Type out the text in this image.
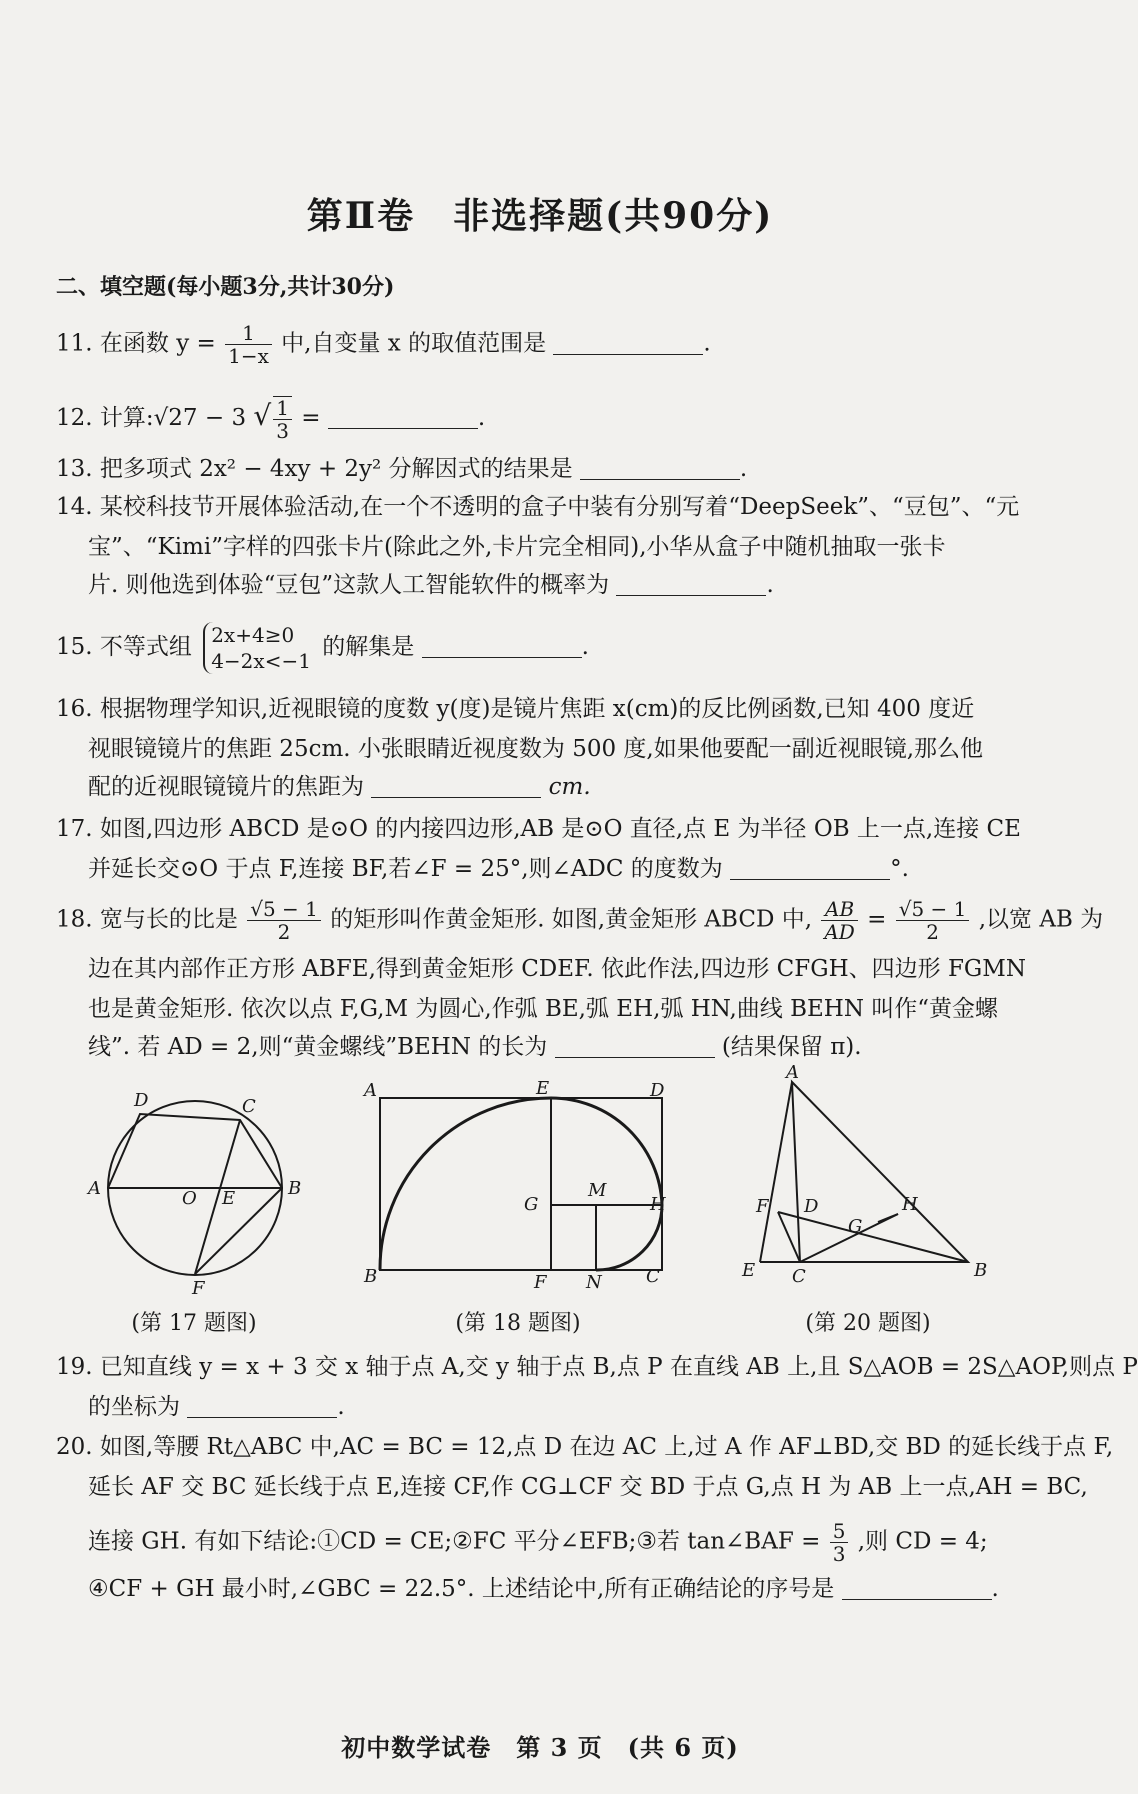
第Ⅱ卷　非选择题(共90分)
二、填空题(每小题3分,共计30分)
11. 在函数 $y = \frac{1}{1-x}$ 中,自变量 x 的取值范围是	.
12. 计算:√27 − 3 √ $\frac{1}{3}$ =	.
13. 把多项式 2x² − 4xy + 2y² 分解因式的结果是	.
14. 某校科技节开展体验活动,在一个不透明的盒子中装有分别写着“DeepSeek”、“豆包”、“元
宝”、“Kimi”字样的四张卡片(除此之外,卡片完全相同),小华从盒子中随机抽取一张卡
片. 则他选到体验“豆包”这款人工智能软件的概率为	.
15. 不等式组 2x+4≥0
4−2x<−1
的解集是	.
16. 根据物理学知识,近视眼镜的度数 y(度)是镜片焦距 x(cm)的反比例函数,已知 400 度近
视眼镜镜片的焦距 25cm. 小张眼睛近视度数为 500 度,如果他要配一副近视眼镜,那么他
配的近视眼镜镜片的焦距为	cm.
17. 如图,四边形 ABCD 是⊙O 的内接四边形,AB 是⊙O 直径,点 E 为半径 OB 上一点,连接 CE
并延长交⊙O 于点 F,连接 BF,若∠F = 25°,则∠ADC 的度数为	°.
18. 宽与长的比是 $\frac{√5 - 1}{2}$ 的矩形叫作黄金矩形. 如图,黄金矩形 ABCD 中, $\frac{AB}{AD} = \frac{√5 - 1}{2}$ ,以宽 AB 为
边在其内部作正方形 ABFE,得到黄金矩形 CDEF. 依此作法,四边形 CFGH、四边形 FGMN
也是黄金矩形. 依次以点 F,G,M 为圆心,作弧 BE,弧 EH,弧 HN,曲线 BEHN 叫作“黄金螺
线”. 若 AD = 2,则“黄金螺线”BEHN 的长为	(结果保留 π).
A	B
C
D
O E
F
(第 17 题图)
A
B	C
D
E
F
G	H
M
N
(第 18 题图)
A
B
C
D
E
F
G
H
(第 20 题图)
19. 已知直线 y = x + 3 交 x 轴于点 A,交 y 轴于点 B,点 P 在直线 AB 上,且 S△AOB = 2S△AOP,则点 P
的坐标为	.
20. 如图,等腰 Rt△ABC 中,AC = BC = 12,点 D 在边 AC 上,过 A 作 AF⊥BD,交 BD 的延长线于点 F,
延长 AF 交 BC 延长线于点 E,连接 CF,作 CG⊥CF 交 BD 于点 G,点 H 为 AB 上一点,AH = BC,
连接 GH. 有如下结论:①CD = CE;②FC 平分∠EFB;③若 tan∠BAF = $\frac{5}{3}$ ,则 CD = 4;
④CF + GH 最小时,∠GBC = 22.5°. 上述结论中,所有正确结论的序号是	.
初中数学试卷　第 3 页　(共 6 页)
